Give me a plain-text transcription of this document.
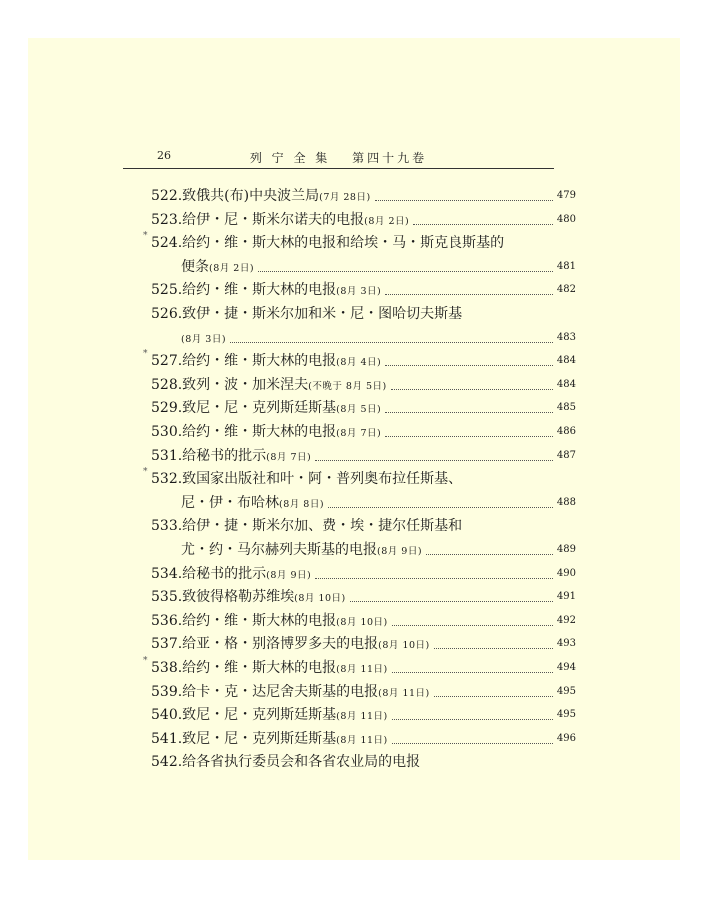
26	列 宁 全 集　 第四十九卷
522.致俄共(布)中央波兰局(7月 28日)	479
523.给伊・尼・斯米尔诺夫的电报(8月 2日)	480
524.给约・维・斯大林的电报和给埃・马・斯克良斯基的
*
便条(8月 2日)	481
525.给约・维・斯大林的电报(8月 3日)	482
526.致伊・捷・斯米尔加和米・尼・图哈切夫斯基
(8月 3日)	483
527.给约・维・斯大林的电报(8月 4日)	484
*
528.致列・波・加米涅夫(不晚于 8月 5日)	484
529.致尼・尼・克列斯廷斯基(8月 5日)	485
530.给约・维・斯大林的电报(8月 7日)	486
531.给秘书的批示(8月 7日)	487
532.致国家出版社和叶・阿・普列奥布拉任斯基、
*
尼・伊・布哈林(8月 8日)	488
533.给伊・捷・斯米尔加、费・埃・捷尔任斯基和
尤・约・马尔赫列夫斯基的电报(8月 9日)	489
534.给秘书的批示(8月 9日)	490
535.致彼得格勒苏维埃(8月 10日)	491
536.给约・维・斯大林的电报(8月 10日)	492
537.给亚・格・别洛博罗多夫的电报(8月 10日)	493
538.给约・维・斯大林的电报(8月 11日)	494
*
539.给卡・克・达尼舍夫斯基的电报(8月 11日)	495
540.致尼・尼・克列斯廷斯基(8月 11日)	495
541.致尼・尼・克列斯廷斯基(8月 11日)	496
542.给各省执行委员会和各省农业局的电报
